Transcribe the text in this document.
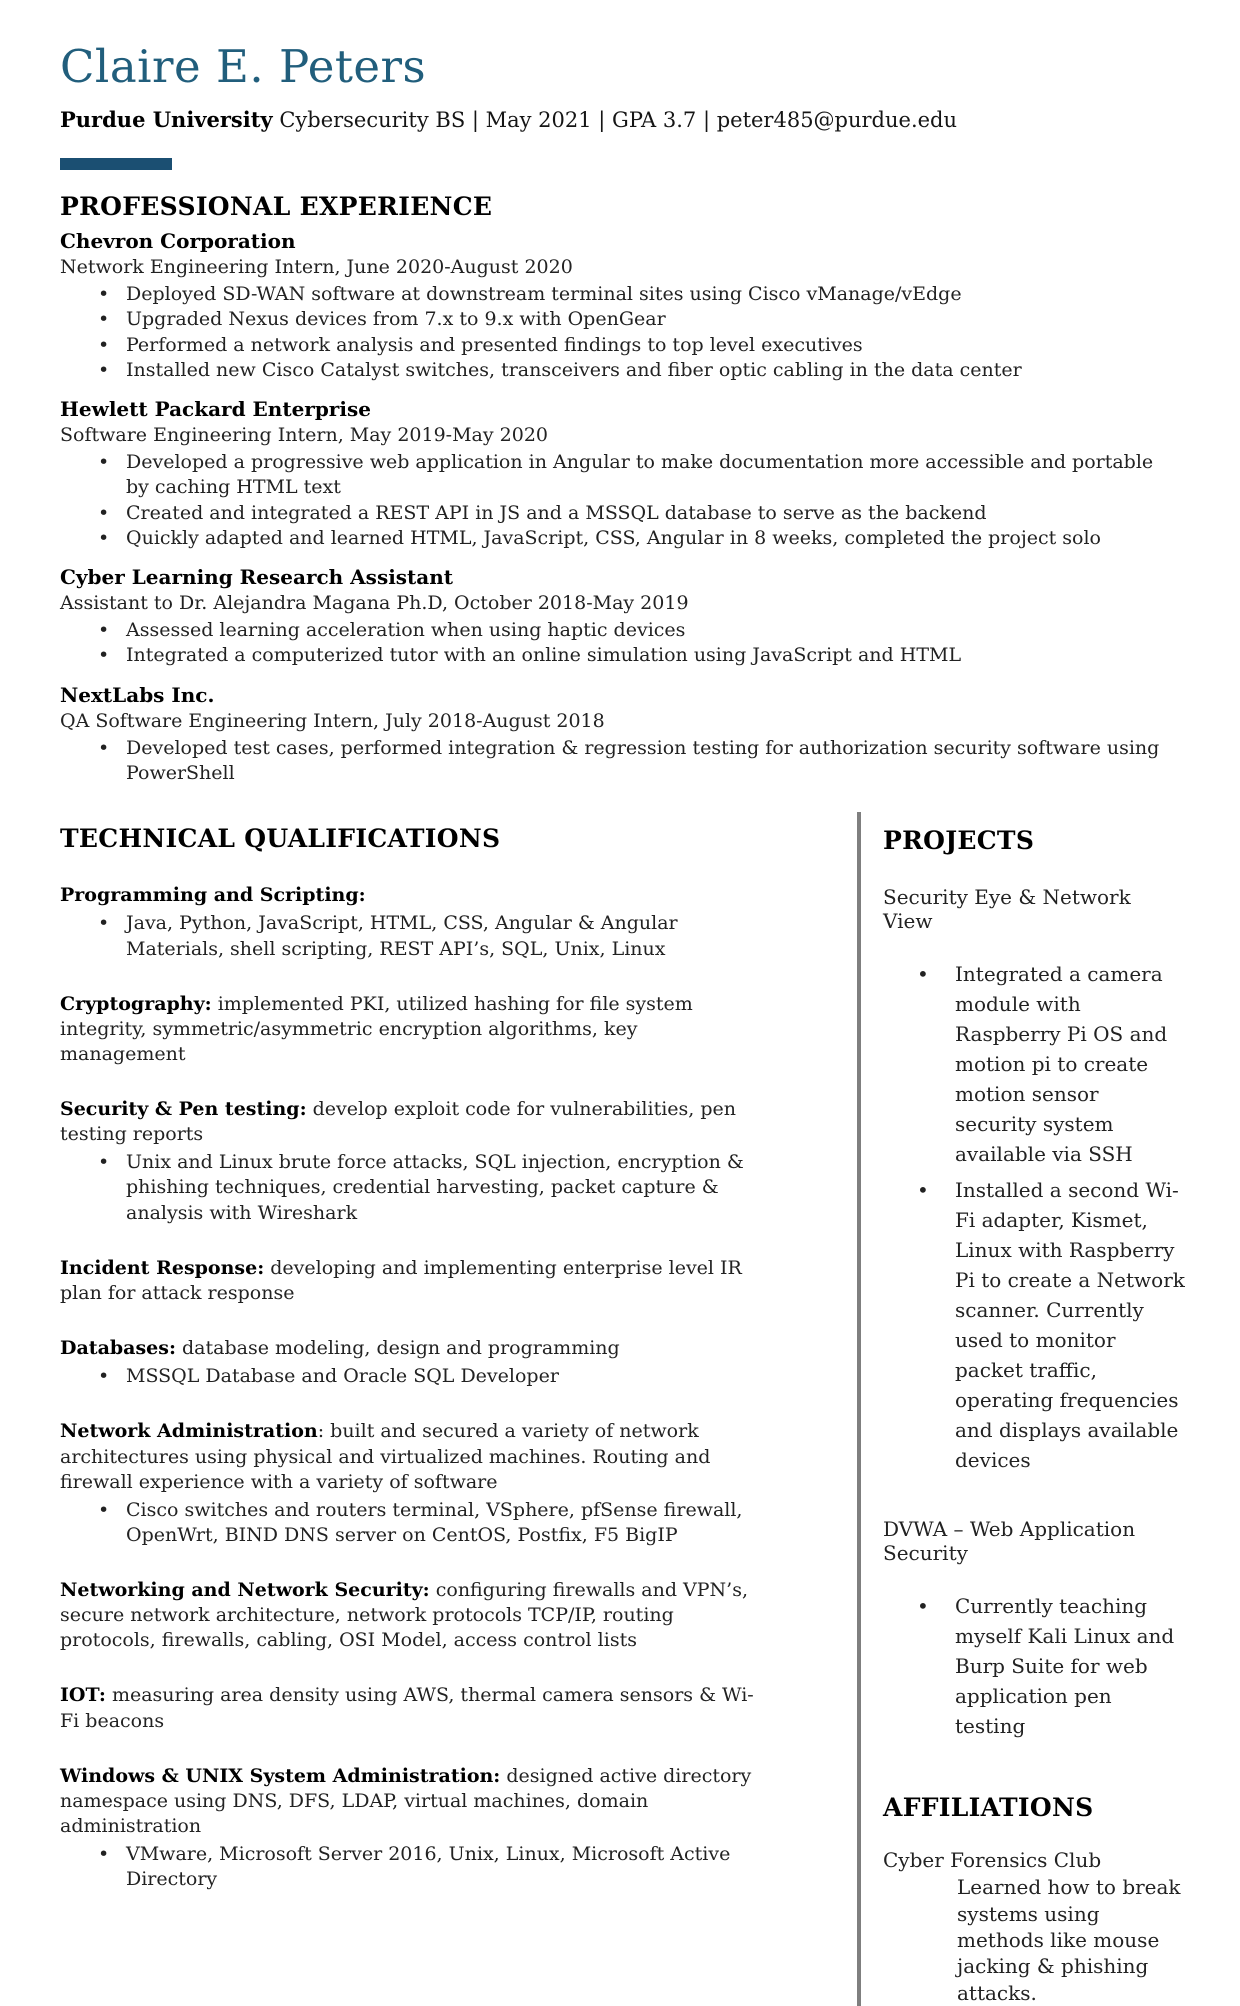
Claire E. Peters

Purdue University Cybersecurity BS | May 2021 | GPA 3.7 | peter485@purdue.edu

PROFESSIONAL EXPERIENCE
Chevron Corporation

Network Engineering Intern, June 2020-August 2020

• Deployed SD-WAN software at downstream terminal sites using Cisco vManage/vEdge
• Upgraded Nexus devices from 7.x to 9.x with OpenGear
• Performed a network analysis and presented findings to top level executives
• Installed new Cisco Catalyst switches, transceivers and fiber optic cabling in the data center
Hewlett Packard Enterprise

Software Engineering Intern, May 2019-May 2020

• Developed a progressive web application in Angular to make documentation more accessible and portable by caching HTML text
• Created and integrated a REST API in JS and a MSSQL database to serve as the backend
• Quickly adapted and learned HTML, JavaScript, CSS, Angular in 8 weeks, completed the project solo
Cyber Learning Research Assistant

Assistant to Dr. Alejandra Magana Ph.D, October 2018-May 2019

• Assessed learning acceleration when using haptic devices
• Integrated a computerized tutor with an online simulation using JavaScript and HTML
NextLabs Inc.

QA Software Engineering Intern, July 2018-August 2018

• Developed test cases, performed integration & regression testing for authorization security software using PowerShell
TECHNICAL QUALIFICATIONS

Programming and Scripting:

• Java, Python, JavaScript, HTML, CSS, Angular & Angular Materials, shell scripting, REST API’s, SQL, Unix, Linux

Cryptography: implemented PKI, utilized hashing for file system integrity, symmetric/asymmetric encryption algorithms, key management

Security & Pen testing: develop exploit code for vulnerabilities, pen testing reports

• Unix and Linux brute force attacks, SQL injection, encryption & phishing techniques, credential harvesting, packet capture & analysis with Wireshark

Incident Response: developing and implementing enterprise level IR plan for attack response

Databases: database modeling, design and programming

• MSSQL Database and Oracle SQL Developer

Network Administration: built and secured a variety of network architectures using physical and virtualized machines. Routing and firewall experience with a variety of software

• Cisco switches and routers terminal, VSphere, pfSense firewall, OpenWrt, BIND DNS server on CentOS, Postfix, F5 BigIP

Networking and Network Security: configuring firewalls and VPN’s, secure network architecture, network protocols TCP/IP, routing protocols, firewalls, cabling, OSI Model, access control lists

IOT: measuring area density using AWS, thermal camera sensors & Wi-Fi beacons

Windows & UNIX System Administration: designed active directory namespace using DNS, DFS, LDAP, virtual machines, domain administration

• VMware, Microsoft Server 2016, Unix, Linux, Microsoft Active Directory
PROJECTS

Security Eye & Network View

• Integrated a camera module with Raspberry Pi OS and motion pi to create motion sensor security system available via SSH
• Installed a second Wi-Fi adapter, Kismet, Linux with Raspberry Pi to create a Network scanner. Currently used to monitor packet traffic, operating frequencies and displays available devices

DVWA – Web Application Security

• Currently teaching myself Kali Linux and Burp Suite for web application pen testing
AFFILIATIONS

Cyber Forensics Club

Learned how to break systems using methods like mouse jacking & phishing attacks.
